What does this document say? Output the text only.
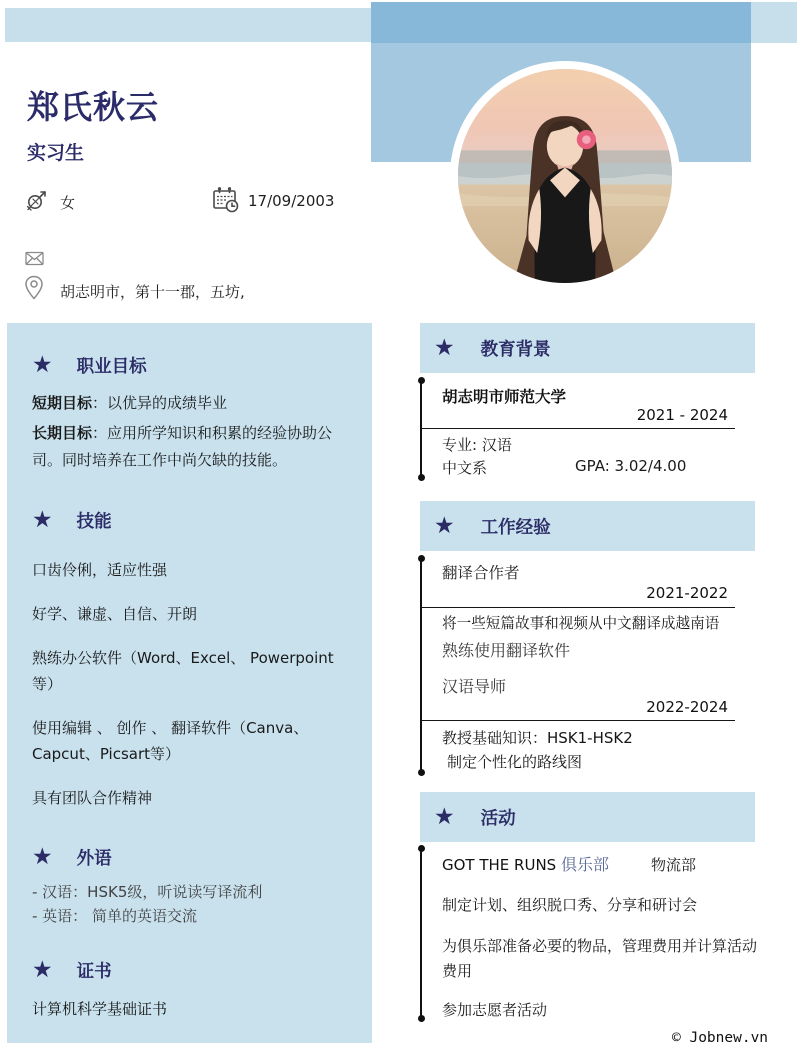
郑氏秋云
实习生
女	17/09/2003
胡志明市，第十一郡，五坊,
★ 职业目标
短期目标：以优异的成绩毕业
长期目标：应用所学知识和积累的经验协助公司。同时培养在工作中尚欠缺的技能。
★ 技能
口齿伶俐，适应性强
好学、谦虚、自信、开朗
熟练办公软件（Word、Excel、 Powerpoint 等）
使用编辑 、 创作 、 翻译软件（Canva、Capcut、Picsart等）
具有团队合作精神
★ 外语
- 汉语：HSK5级，听说读写译流利
- 英语： 简单的英语交流
★ 证书
计算机科学基础证书
★ 教育背景
胡志明市师范大学
2021 - 2024
专业: 汉语
中文系	GPA: 3.02/4.00
★ 工作经验
翻译合作者
2021-2022
将一些短篇故事和视频从中文翻译成越南语
熟练使用翻译软件
汉语导师
2022-2024
教授基础知识：HSK1-HSK2
制定个性化的路线图
★ 活动
GOT THE RUNS 俱乐部	物流部
制定计划、组织脱口秀、分享和研讨会
为俱乐部准备必要的物品，管理费用并计算活动费用
参加志愿者活动
© Jobnew.vn
